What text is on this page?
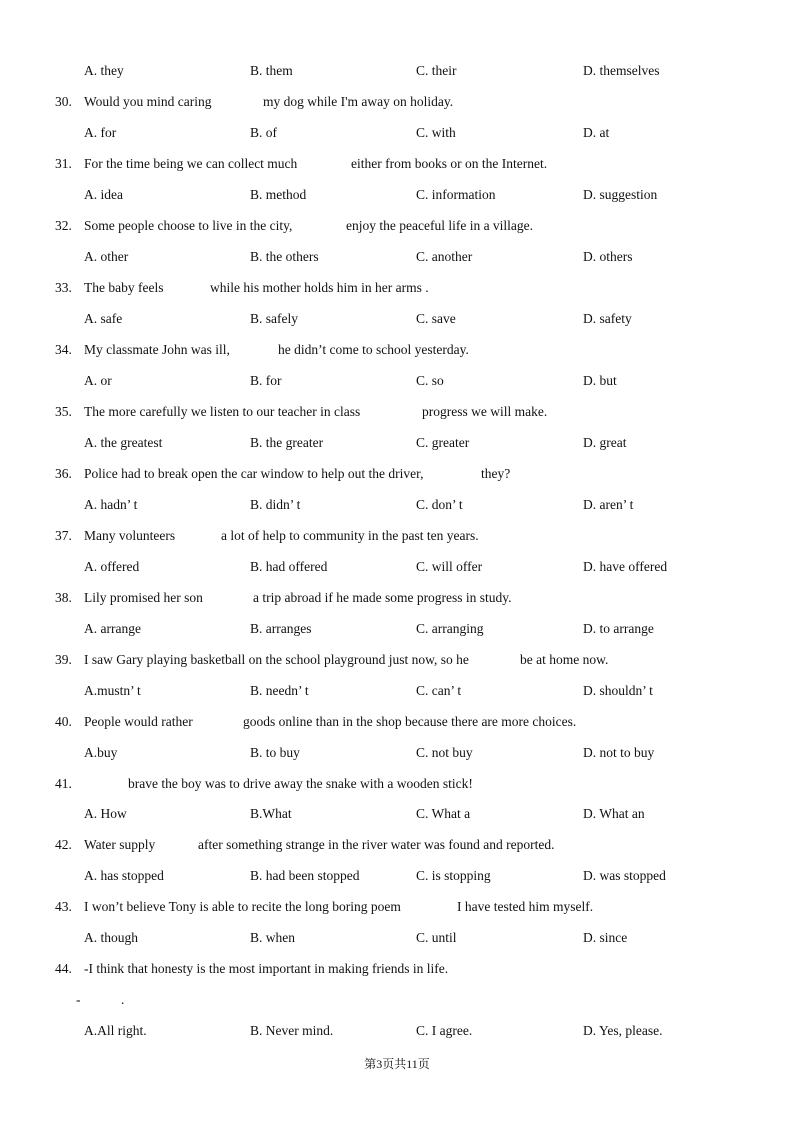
A. they	B. them	C. their	D. themselves
30. Would you mind caring	my dog while I'm away on holiday.
A. for	B. of	C. with	D. at
31. For the time being we can collect much	either from books or on the Internet.
A. idea	B. method	C. information	D. suggestion
32. Some people choose to live in the city,	enjoy the peaceful life in a village.
A. other	B. the others	C. another	D. others
33. The baby feels	while his mother holds him in her arms .
A. safe	B. safely	C. save	D. safety
34. My classmate John was ill,	he didn’t come to school yesterday.
A. or	B. for	C. so	D. but
35. The more carefully we listen to our teacher in class	progress we will make.
A. the greatest	B. the greater	C. greater	D. great
36. Police had to break open the car window to help out the driver,	they?
A. hadn’ t	B. didn’ t	C. don’ t	D. aren’ t
37. Many volunteers	a lot of help to community in the past ten years.
A. offered	B. had offered	C. will offer	D. have offered
38. Lily promised her son	a trip abroad if he made some progress in study.
A. arrange	B. arranges	C. arranging	D. to arrange
39. I saw Gary playing basketball on the school playground just now, so he	be at home now.
A.mustn’ t	B. needn’ t	C. can’ t	D. shouldn’ t
40. People would rather	goods online than in the shop because there are more choices.
A.buy	B. to buy	C. not buy	D. not to buy
41.	brave the boy was to drive away the snake with a wooden stick!
A. How	B.What	C. What a	D. What an
42. Water supply	after something strange in the river water was found and reported.
A. has stopped	B. had been stopped	C. is stopping	D. was stopped
43. I won’t believe Tony is able to recite the long boring poem	I have tested him myself.
A. though	B. when	C. until	D. since
44. -I think that honesty is the most important in making friends in life.
-	.
A.All right.	B. Never mind.	C. I agree.	D. Yes, please.
第3页共11页
